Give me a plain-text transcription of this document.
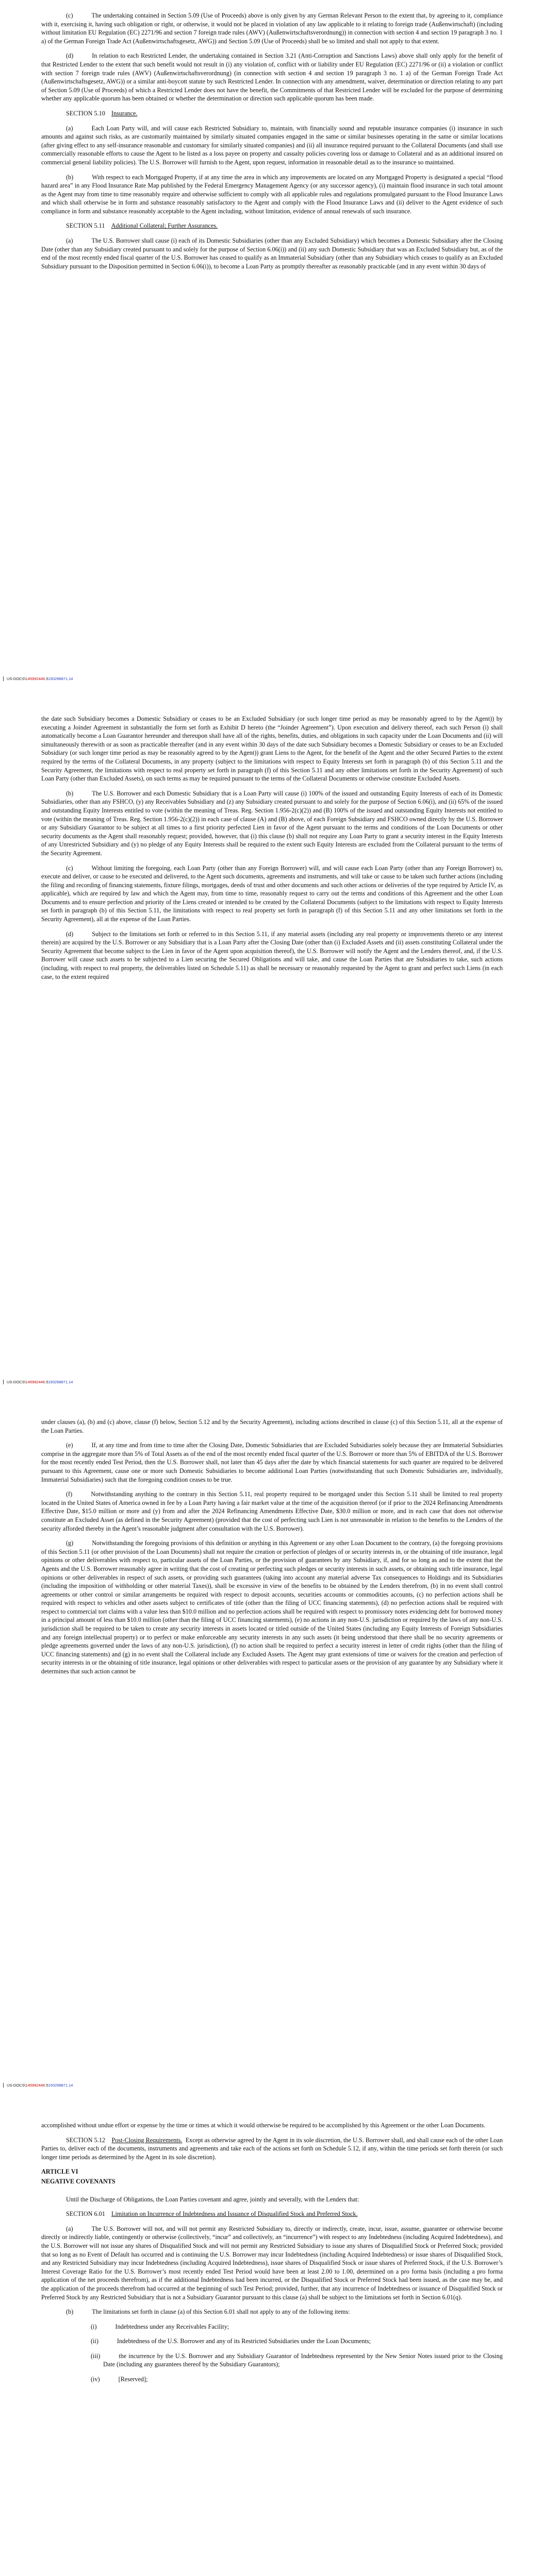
(c)	The undertaking contained in Section 5.09 (Use of Proceeds) above is only given by any German Relevant Person to the extent that, by agreeing to it, compliance with it, exercising it, having such obligation or right, or otherwise, it would not be placed in violation of any law applicable to it relating to foreign trade (Außenwirtschaft) (including without limitation EU Regulation (EC) 2271/96 and section 7 foreign trade rules (AWV) (Außenwirtschaftsverordnung)) in connection with section 4 and section 19 paragraph 3 no. 1 a) of the German Foreign Trade Act (Außenwirtschaftsgesetz, AWG)) and Section 5.09 (Use of Proceeds) shall be so limited and shall not apply to that extent.

(d)	In relation to each Restricted Lender, the undertaking contained in Section 3.21 (Anti-Corruption and Sanctions Laws) above shall only apply for the benefit of that Restricted Lender to the extent that such benefit would not result in (i) any violation of, conflict with or liability under EU Regulation (EC) 2271/96 or (ii) a violation or conflict with section 7 foreign trade rules (AWV) (Außenwirtschaftsverordnung) (in connection with section 4 and section 19 paragraph 3 no. 1 a) of the German Foreign Trade Act (Außenwirtschaftsgesetz, AWG)) or a similar anti-boycott statute by such Restricted Lender. In connection with any amendment, waiver, determination or direction relating to any part of Section 5.09 (Use of Proceeds) of which a Restricted Lender does not have the benefit, the Commitments of that Restricted Lender will be excluded for the purpose of determining whether any applicable quorum has been obtained or whether the determination or direction such applicable quorum has been made.

SECTION 5.10 Insurance.

(a)	Each Loan Party will, and will cause each Restricted Subsidiary to, maintain, with financially sound and reputable insurance companies (i) insurance in such amounts and against such risks, as are customarily maintained by similarly situated companies engaged in the same or similar businesses operating in the same or similar locations (after giving effect to any self-insurance reasonable and customary for similarly situated companies) and (ii) all insurance required pursuant to the Collateral Documents (and shall use commercially reasonable efforts to cause the Agent to be listed as a loss payee on property and casualty policies covering loss or damage to Collateral and as an additional insured on commercial general liability policies). The U.S. Borrower will furnish to the Agent, upon request, information in reasonable detail as to the insurance so maintained.

(b)	With respect to each Mortgaged Property, if at any time the area in which any improvements are located on any Mortgaged Property is designated a special “flood hazard area” in any Flood Insurance Rate Map published by the Federal Emergency Management Agency (or any successor agency), (i) maintain flood insurance in such total amount as the Agent may from time to time reasonably require and otherwise sufficient to comply with all applicable rules and regulations promulgated pursuant to the Flood Insurance Laws and which shall otherwise be in form and substance reasonably satisfactory to the Agent and comply with the Flood Insurance Laws and (ii) deliver to the Agent evidence of such compliance in form and substance reasonably acceptable to the Agent including, without limitation, evidence of annual renewals of such insurance.

SECTION 5.11 Additional Collateral; Further Assurances.

(a)	The U.S. Borrower shall cause (i) each of its Domestic Subsidiaries (other than any Excluded Subsidiary) which becomes a Domestic Subsidiary after the Closing Date (other than any Subsidiary created pursuant to and solely for the purpose of Section 6.06(i)) and (ii) any such Domestic Subsidiary that was an Excluded Subsidiary but, as of the end of the most recently ended fiscal quarter of the U.S. Borrower has ceased to qualify as an Immaterial Subsidiary (other than any Subsidiary which ceases to qualify as an Excluded Subsidiary pursuant to the Disposition permitted in Section 6.06(i)), to become a Loan Party as promptly thereafter as reasonably practicable (and in any event within 30 days of

US-DOCS\145992446.5150298871.14

the date such Subsidiary becomes a Domestic Subsidiary or ceases to be an Excluded Subsidiary (or such longer time period as may be reasonably agreed to by the Agent)) by executing a Joinder Agreement in substantially the form set forth as Exhibit D hereto (the “Joinder Agreement”). Upon execution and delivery thereof, each such Person (i) shall automatically become a Loan Guarantor hereunder and thereupon shall have all of the rights, benefits, duties, and obligations in such capacity under the Loan Documents and (ii) will simultaneously therewith or as soon as practicable thereafter (and in any event within 30 days of the date such Subsidiary becomes a Domestic Subsidiary or ceases to be an Excluded Subsidiary (or such longer time period as may be reasonably agreed to by the Agent)) grant Liens to the Agent, for the benefit of the Agent and the other Secured Parties to the extent required by the terms of the Collateral Documents, in any property (subject to the limitations with respect to Equity Interests set forth in paragraph (b) of this Section 5.11 and the Security Agreement, the limitations with respect to real property set forth in paragraph (f) of this Section 5.11 and any other limitations set forth in the Security Agreement) of such Loan Party (other than Excluded Assets), on such terms as may be required pursuant to the terms of the Collateral Documents or otherwise constitute Excluded Assets.

(b)	The U.S. Borrower and each Domestic Subsidiary that is a Loan Party will cause (i) 100% of the issued and outstanding Equity Interests of each of its Domestic Subsidiaries, other than any FSHCO, (y) any Receivables Subsidiary and (z) any Subsidiary created pursuant to and solely for the purpose of Section 6.06(i), and (ii) 65% of the issued and outstanding Equity Interests entitled to vote (within the meaning of Treas. Reg. Section 1.956-2(c)(2)) and (B) 100% of the issued and outstanding Equity Interests not entitled to vote (within the meaning of Treas. Reg. Section 1.956-2(c)(2)) in each case of clause (A) and (B) above, of each Foreign Subsidiary and FSHCO owned directly by the U.S. Borrower or any Subsidiary Guarantor to be subject at all times to a first priority perfected Lien in favor of the Agent pursuant to the terms and conditions of the Loan Documents or other security documents as the Agent shall reasonably request; provided, however, that (i) this clause (b) shall not require any Loan Party to grant a security interest in the Equity Interests of any Unrestricted Subsidiary and (y) no pledge of any Equity Interests shall be required to the extent such Equity Interests are excluded from the Collateral pursuant to the terms of the Security Agreement.

(c)	Without limiting the foregoing, each Loan Party (other than any Foreign Borrower) will, and will cause each Loan Party (other than any Foreign Borrower) to, execute and deliver, or cause to be executed and delivered, to the Agent such documents, agreements and instruments, and will take or cause to be taken such further actions (including the filing and recording of financing statements, fixture filings, mortgages, deeds of trust and other documents and such other actions or deliveries of the type required by Article IV, as applicable), which are required by law and which the Agent may, from time to time, reasonably request to carry out the terms and conditions of this Agreement and the other Loan Documents and to ensure perfection and priority of the Liens created or intended to be created by the Collateral Documents (subject to the limitations with respect to Equity Interests set forth in paragraph (b) of this Section 5.11, the limitations with respect to real property set forth in paragraph (f) of this Section 5.11 and any other limitations set forth in the Security Agreement), all at the expense of the Loan Parties.

(d)	Subject to the limitations set forth or referred to in this Section 5.11, if any material assets (including any real property or improvements thereto or any interest therein) are acquired by the U.S. Borrower or any Subsidiary that is a Loan Party after the Closing Date (other than (i) Excluded Assets and (ii) assets constituting Collateral under the Security Agreement that become subject to the Lien in favor of the Agent upon acquisition thereof), the U.S. Borrower will notify the Agent and the Lenders thereof, and, if the U.S. Borrower will cause such assets to be subjected to a Lien securing the Secured Obligations and will take, and cause the Loan Parties that are Subsidiaries to take, such actions (including, with respect to real property, the deliverables listed on Schedule 5.11) as shall be necessary or reasonably requested by the Agent to grant and perfect such Liens (in each case, to the extent required

US-DOCS\145992446.5150298871.14

under clauses (a), (b) and (c) above, clause (f) below, Section 5.12 and by the Security Agreement), including actions described in clause (c) of this Section 5.11, all at the expense of the Loan Parties.

(e)	If, at any time and from time to time after the Closing Date, Domestic Subsidiaries that are Excluded Subsidiaries solely because they are Immaterial Subsidiaries comprise in the aggregate more than 5% of Total Assets as of the end of the most recently ended fiscal quarter of the U.S. Borrower or more than 5% of EBITDA of the U.S. Borrower for the most recently ended Test Period, then the U.S. Borrower shall, not later than 45 days after the date by which financial statements for such quarter are required to be delivered pursuant to this Agreement, cause one or more such Domestic Subsidiaries to become additional Loan Parties (notwithstanding that such Domestic Subsidiaries are, individually, Immaterial Subsidiaries) such that the foregoing condition ceases to be true.

(f)	Notwithstanding anything to the contrary in this Section 5.11, real property required to be mortgaged under this Section 5.11 shall be limited to real property located in the United States of America owned in fee by a Loan Party having a fair market value at the time of the acquisition thereof (or if prior to the 2024 Refinancing Amendments Effective Date, $15.0 million or more and (y) from and after the 2024 Refinancing Amendments Effective Date, $30.0 million or more, and in each case that does not otherwise constitute an Excluded Asset (as defined in the Security Agreement) (provided that the cost of perfecting such Lien is not unreasonable in relation to the benefits to the Lenders of the security afforded thereby in the Agent’s reasonable judgment after consultation with the U.S. Borrower).

(g)	Notwithstanding the foregoing provisions of this definition or anything in this Agreement or any other Loan Document to the contrary, (a) the foregoing provisions of this Section 5.11 (or other provision of the Loan Documents) shall not require the creation or perfection of pledges of or security interests in, or the obtaining of title insurance, legal opinions or other deliverables with respect to, particular assets of the Loan Parties, or the provision of guarantees by any Subsidiary, if, and for so long as and to the extent that the Agents and the U.S. Borrower reasonably agree in writing that the cost of creating or perfecting such pledges or security interests in such assets, or obtaining such title insurance, legal opinions or other deliverables in respect of such assets, or providing such guarantees (taking into account any material adverse Tax consequences to Holdings and its Subsidiaries (including the imposition of withholding or other material Taxes)), shall be excessive in view of the benefits to be obtained by the Lenders therefrom, (b) in no event shall control agreements or other control or similar arrangements be required with respect to deposit accounts, securities accounts or commodities accounts, (c) no perfection actions shall be required with respect to vehicles and other assets subject to certificates of title (other than the filing of UCC financing statements), (d) no perfection actions shall be required with respect to commercial tort claims with a value less than $10.0 million and no perfection actions shall be required with respect to promissory notes evidencing debt for borrowed money in a principal amount of less than $10.0 million (other than the filing of UCC financing statements), (e) no actions in any non-U.S. jurisdiction or required by the laws of any non-U.S. jurisdiction shall be required to be taken to create any security interests in assets located or titled outside of the United States (including any Equity Interests of Foreign Subsidiaries and any foreign intellectual property) or to perfect or make enforceable any security interests in any such assets (it being understood that there shall be no security agreements or pledge agreements governed under the laws of any non-U.S. jurisdiction), (f) no action shall be required to perfect a security interest in letter of credit rights (other than the filing of UCC financing statements) and (g) in no event shall the Collateral include any Excluded Assets. The Agent may grant extensions of time or waivers for the creation and perfection of security interests in or the obtaining of title insurance, legal opinions or other deliverables with respect to particular assets or the provision of any guarantee by any Subsidiary where it determines that such action cannot be

US-DOCS\145992446.5150298871.14

accomplished without undue effort or expense by the time or times at which it would otherwise be required to be accomplished by this Agreement or the other Loan Documents.

SECTION 5.12 Post-Closing Requirements. Except as otherwise agreed by the Agent in its sole discretion, the U.S. Borrower shall, and shall cause each of the other Loan Parties to, deliver each of the documents, instruments and agreements and take each of the actions set forth on Schedule 5.12, if any, within the time periods set forth therein (or such longer time periods as determined by the Agent in its sole discretion).

ARTICLE VI

NEGATIVE COVENANTS

Until the Discharge of Obligations, the Loan Parties covenant and agree, jointly and severally, with the Lenders that:

SECTION 6.01 Limitation on Incurrence of Indebtedness and Issuance of Disqualified Stock and Preferred Stock.

(a)	The U.S. Borrower will not, and will not permit any Restricted Subsidiary to, directly or indirectly, create, incur, issue, assume, guarantee or otherwise become directly or indirectly liable, contingently or otherwise (collectively, “incur” and collectively, an “incurrence”) with respect to any Indebtedness (including Acquired Indebtedness), and the U.S. Borrower will not issue any shares of Disqualified Stock and will not permit any Restricted Subsidiary to issue any shares of Disqualified Stock or Preferred Stock; provided that so long as no Event of Default has occurred and is continuing the U.S. Borrower may incur Indebtedness (including Acquired Indebtedness) or issue shares of Disqualified Stock, and any Restricted Subsidiary may incur Indebtedness (including Acquired Indebtedness), issue shares of Disqualified Stock or issue shares of Preferred Stock, if the U.S. Borrower’s Interest Coverage Ratio for the U.S. Borrower’s most recently ended Test Period would have been at least 2.00 to 1.00, determined on a pro forma basis (including a pro forma application of the net proceeds therefrom), as if the additional Indebtedness had been incurred, or the Disqualified Stock or Preferred Stock had been issued, as the case may be, and the application of the proceeds therefrom had occurred at the beginning of such Test Period; provided, further, that any incurrence of Indebtedness or issuance of Disqualified Stock or Preferred Stock by any Restricted Subsidiary that is not a Subsidiary Guarantor pursuant to this clause (a) shall be subject to the limitations set forth in Section 6.01(q).

(b)	The limitations set forth in clause (a) of this Section 6.01 shall not apply to any of the following items:

(i)	Indebtedness under any Receivables Facility;

(ii)	Indebtedness of the U.S. Borrower and any of its Restricted Subsidiaries under the Loan Documents;

(iii)	the incurrence by the U.S. Borrower and any Subsidiary Guarantor of Indebtedness represented by the New Senior Notes issued prior to the Closing Date (including any guarantees thereof by the Subsidiary Guarantors);

(iv)	[Reserved];
